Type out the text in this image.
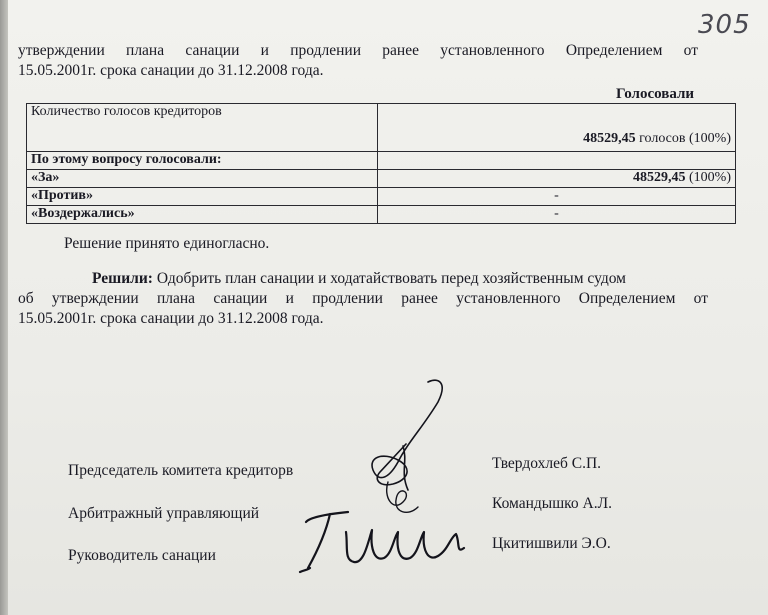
305
утверждении плана санации и продлении ранее установленного Определением от
15.05.2001г. срока санации до 31.12.2008 года.
Голосовали
Количество голосов кредиторов	48529,45 голосов (100%)
По этому вопросу голосовали:	
«За»	48529,45 (100%)
«Против»	-
«Воздержались»	-
Решение принято единогласно.
Решили: Одобрить план санации и ходатайствовать перед хозяйственным судом
об утверждении плана санации и продлении ранее установленного Определением от
15.05.2001г. срока санации до 31.12.2008 года.
Председатель комитета кредиторв
Арбитражный управляющий
Руководитель санации
Твердохлеб С.П.
Командышко А.Л.
Цкитишвили Э.О.
